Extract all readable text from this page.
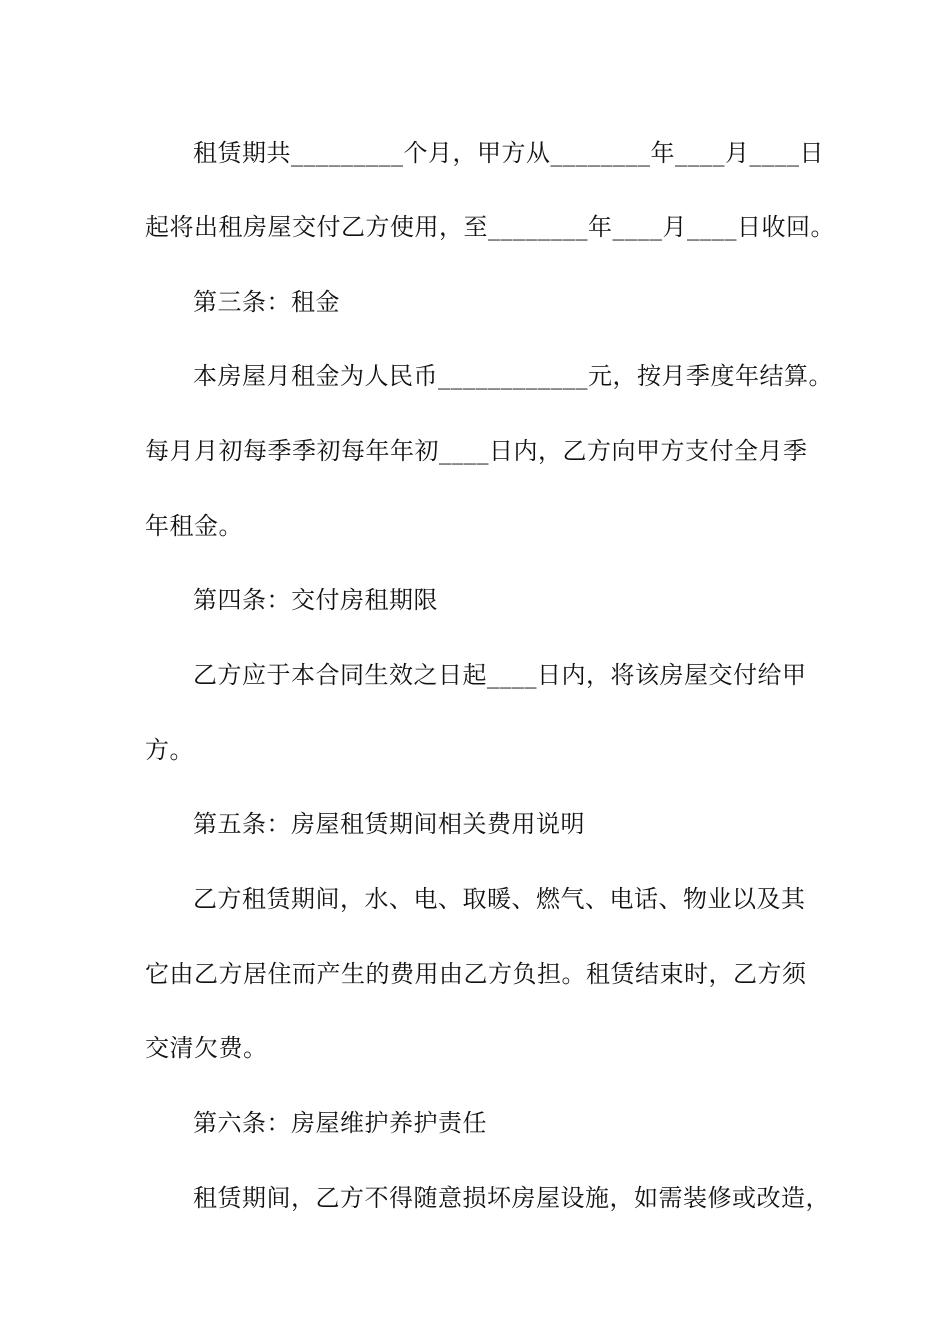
租赁期共_________个月，甲方从________年____月____日
起将出租房屋交付乙方使用，至________年____月____日收回。
第三条：租金
本房屋月租金为人民币____________元，按月季度年结算。
每月月初每季季初每年年初____日内，乙方向甲方支付全月季
年租金。
第四条：交付房租期限
乙方应于本合同生效之日起____日内，将该房屋交付给甲
方。
第五条：房屋租赁期间相关费用说明
乙方租赁期间，水、电、取暖、燃气、电话、物业以及其
它由乙方居住而产生的费用由乙方负担。租赁结束时，乙方须
交清欠费。
第六条：房屋维护养护责任
租赁期间，乙方不得随意损坏房屋设施，如需装修或改造，
